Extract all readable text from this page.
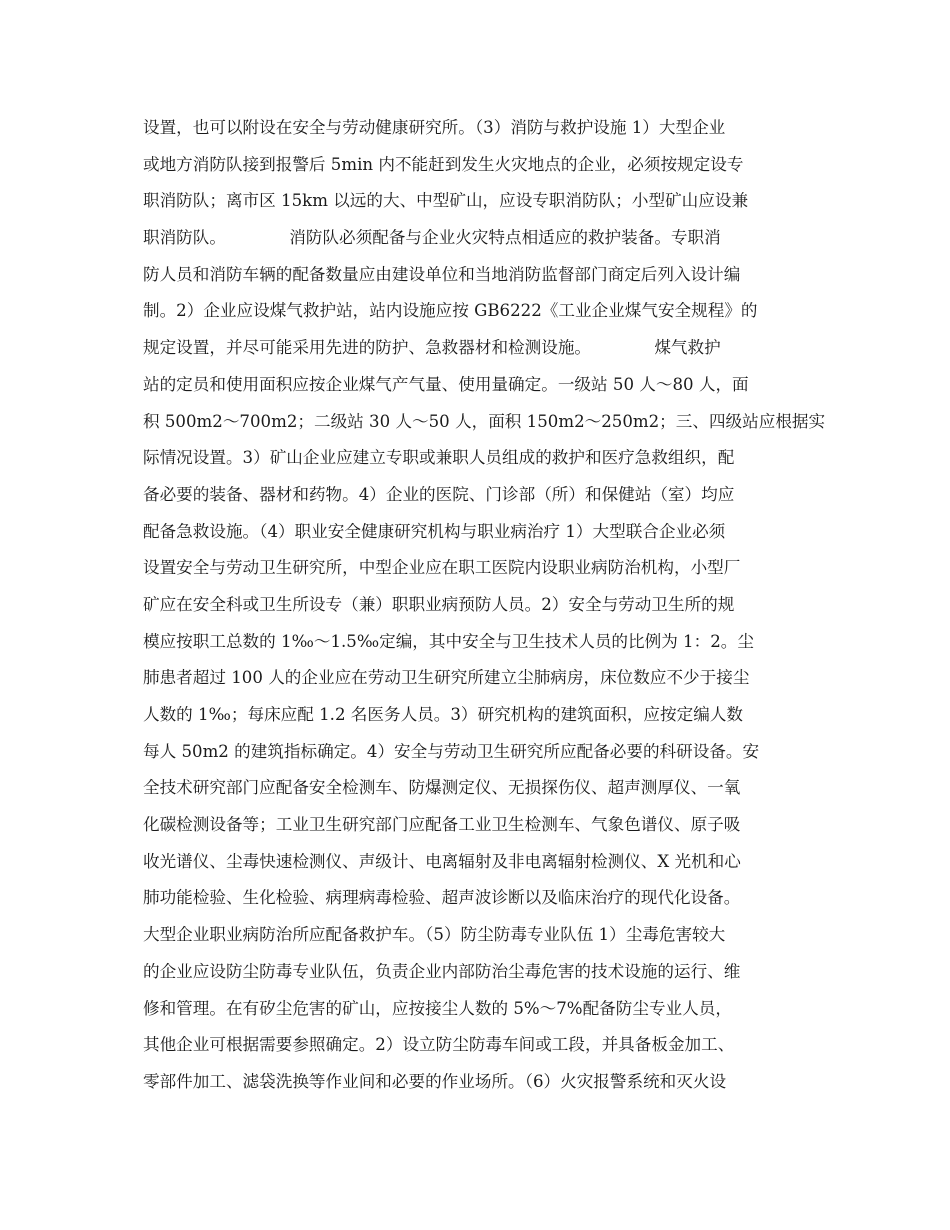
设置，也可以附设在安全与劳动健康研究所。（3）消防与救护设施 1）大型企业
或地方消防队接到报警后 5min 内不能赶到发生火灾地点的企业，必须按规定设专
职消防队；离市区 15km 以远的大、中型矿山，应设专职消防队；小型矿山应设兼
职消防队。            消防队必须配备与企业火灾特点相适应的救护装备。专职消
防人员和消防车辆的配备数量应由建设单位和当地消防监督部门商定后列入设计编
制。2）企业应设煤气救护站，站内设施应按 GB6222《工业企业煤气安全规程》的
规定设置，并尽可能采用先进的防护、急救器材和检测设施。            煤气救护
站的定员和使用面积应按企业煤气产气量、使用量确定。一级站 50 人～80 人，面
积 500m2～700m2；二级站 30 人～50 人，面积 150m2～250m2；三、四级站应根据实
际情况设置。3）矿山企业应建立专职或兼职人员组成的救护和医疗急救组织，配
备必要的装备、器材和药物。4）企业的医院、门诊部（所）和保健站（室）均应
配备急救设施。（4）职业安全健康研究机构与职业病治疗 1）大型联合企业必须
设置安全与劳动卫生研究所，中型企业应在职工医院内设职业病防治机构，小型厂
矿应在安全科或卫生所设专（兼）职职业病预防人员。2）安全与劳动卫生所的规
模应按职工总数的 1‰～1.5‰定编，其中安全与卫生技术人员的比例为 1：2。尘
肺患者超过 100 人的企业应在劳动卫生研究所建立尘肺病房，床位数应不少于接尘
人数的 1‰；每床应配 1.2 名医务人员。3）研究机构的建筑面积，应按定编人数
每人 50m2 的建筑指标确定。4）安全与劳动卫生研究所应配备必要的科研设备。安
全技术研究部门应配备安全检测车、防爆测定仪、无损探伤仪、超声测厚仪、一氧
化碳检测设备等；工业卫生研究部门应配备工业卫生检测车、气象色谱仪、原子吸
收光谱仪、尘毒快速检测仪、声级计、电离辐射及非电离辐射检测仪、X 光机和心
肺功能检验、生化检验、病理病毒检验、超声波诊断以及临床治疗的现代化设备。
大型企业职业病防治所应配备救护车。（5）防尘防毒专业队伍 1）尘毒危害较大
的企业应设防尘防毒专业队伍，负责企业内部防治尘毒危害的技术设施的运行、维
修和管理。在有矽尘危害的矿山，应按接尘人数的 5%～7%配备防尘专业人员，
其他企业可根据需要参照确定。2）设立防尘防毒车间或工段，并具备板金加工、
零部件加工、滤袋洗换等作业间和必要的作业场所。（6）火灾报警系统和灭火设
